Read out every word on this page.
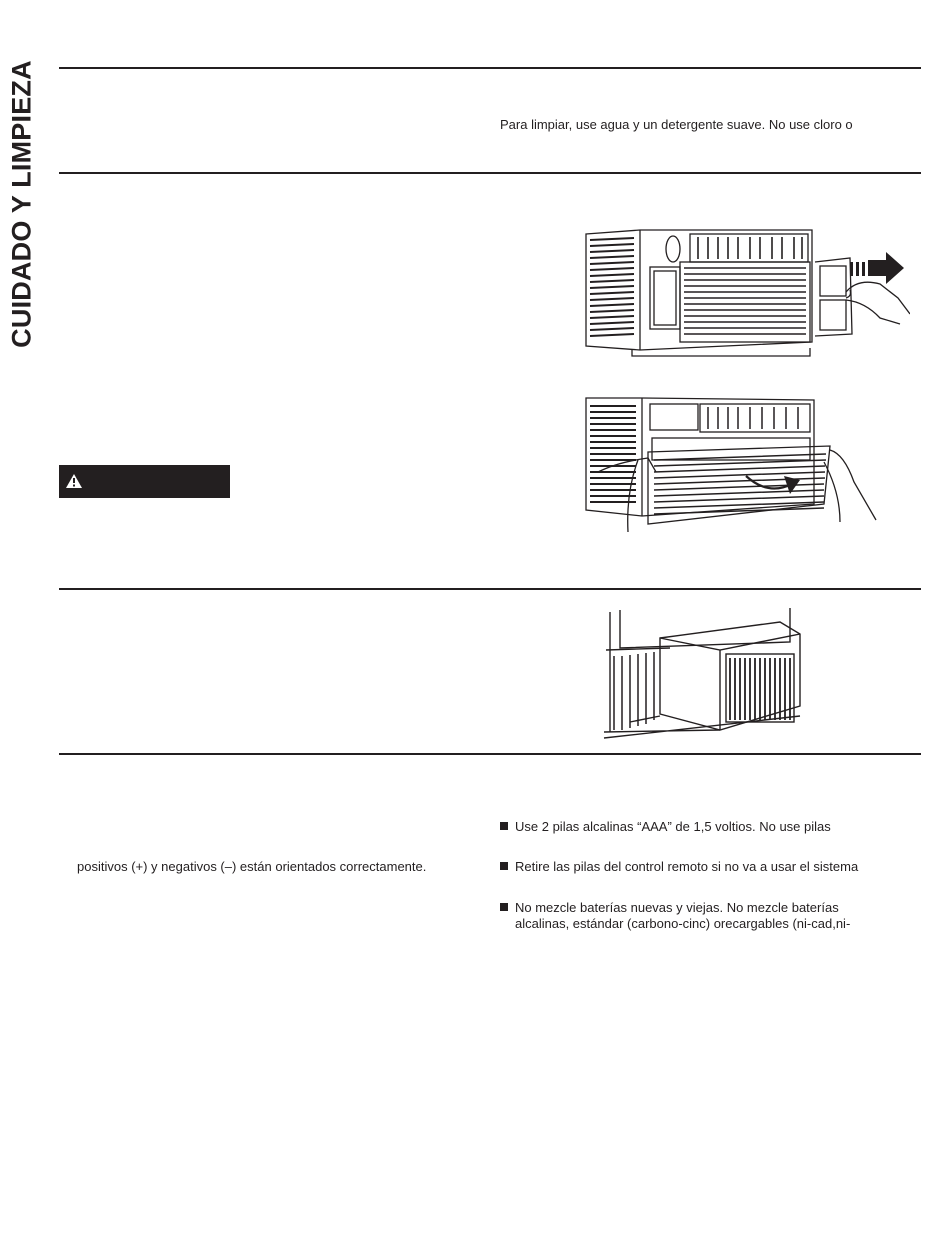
CUIDADO Y LIMPIEZA	Para limpiar, use agua y un detergente suave. No use cloro o
positivos (+) y negativos (–) están orientados correctamente.
Use 2 pilas alcalinas “AAA” de 1,5 voltios. No use pilas
Retire las pilas del control remoto si no va a usar el sistema
No mezcle baterías nuevas y viejas. No mezcle baterías
alcalinas, estándar (carbono-cinc) orecargables (ni-cad,ni-
